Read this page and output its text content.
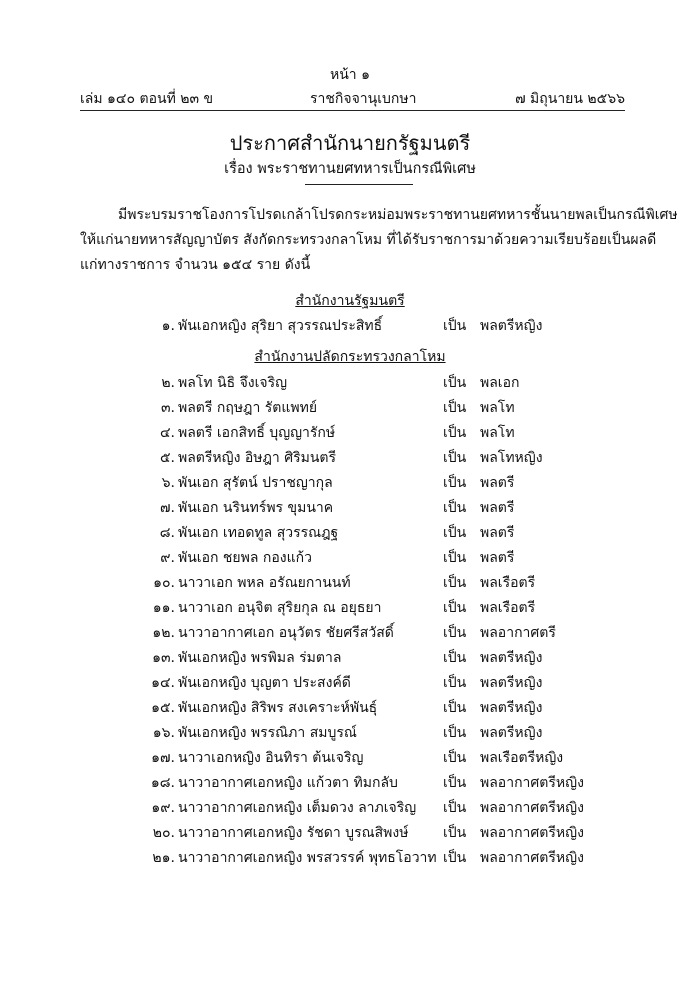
หน้า ๑
เล่ม ๑๔๐ ตอนที่ ๒๓ ข	ราชกิจจานุเบกษา	๗ มิถุนายน ๒๕๖๖
ประกาศสำนักนายกรัฐมนตรี
เรื่อง พระราชทานยศทหารเป็นกรณีพิเศษ
มีพระบรมราชโองการโปรดเกล้าโปรดกระหม่อมพระราชทานยศทหารชั้นนายพลเป็นกรณีพิเศษ
ให้แก่นายทหารสัญญาบัตร สังกัดกระทรวงกลาโหม ที่ได้รับราชการมาด้วยความเรียบร้อยเป็นผลดี
แก่ทางราชการ จำนวน ๑๕๔ ราย ดังนี้
สำนักงานรัฐมนตรี
๑. พันเอกหญิง สุริยา สุวรรณประสิทธิ์	เป็น พลตรีหญิง
สำนักงานปลัดกระทรวงกลาโหม
๒. พลโท นิธิ จึงเจริญ	เป็น พลเอก
๓. พลตรี กฤษฎา รัตแพทย์	เป็น พลโท
๔. พลตรี เอกสิทธิ์ บุญญารักษ์	เป็น พลโท
๕. พลตรีหญิง อิษฎา ศิริมนตรี	เป็น พลโทหญิง
๖. พันเอก สุรัตน์ ปราชญากุล	เป็น พลตรี
๗. พันเอก นรินทร์พร ขุมนาค	เป็น พลตรี
๘. พันเอก เทอดทูล สุวรรณฎฐ	เป็น พลตรี
๙. พันเอก ชยพล กองแก้ว	เป็น พลตรี
๑๐. นาวาเอก พหล อรัณยกานนท์	เป็น พลเรือตรี
๑๑. นาวาเอก อนุจิต สุริยกุล ณ อยุธยา	เป็น พลเรือตรี
๑๒. นาวาอากาศเอก อนุวัตร ชัยศรีสวัสดิ์	เป็น พลอากาศตรี
๑๓. พันเอกหญิง พรพิมล ร่มตาล	เป็น พลตรีหญิง
๑๔. พันเอกหญิง บุญตา ประสงค์ดี	เป็น พลตรีหญิง
๑๕. พันเอกหญิง สิริพร สงเคราะห์พันธุ์	เป็น พลตรีหญิง
๑๖. พันเอกหญิง พรรณิภา สมบูรณ์	เป็น พลตรีหญิง
๑๗. นาวาเอกหญิง อินทิรา ต้นเจริญ	เป็น พลเรือตรีหญิง
๑๘. นาวาอากาศเอกหญิง แก้วตา ทิมกลับ	เป็น พลอากาศตรีหญิง
๑๙. นาวาอากาศเอกหญิง เต็มดวง ลาภเจริญ เป็น พลอากาศตรีหญิง
๒๐. นาวาอากาศเอกหญิง รัชดา บูรณสิพงษ์ เป็น พลอากาศตรีหญิง
๒๑. นาวาอากาศเอกหญิง พรสวรรค์ พุทธโอวาท เป็น พลอากาศตรีหญิง
